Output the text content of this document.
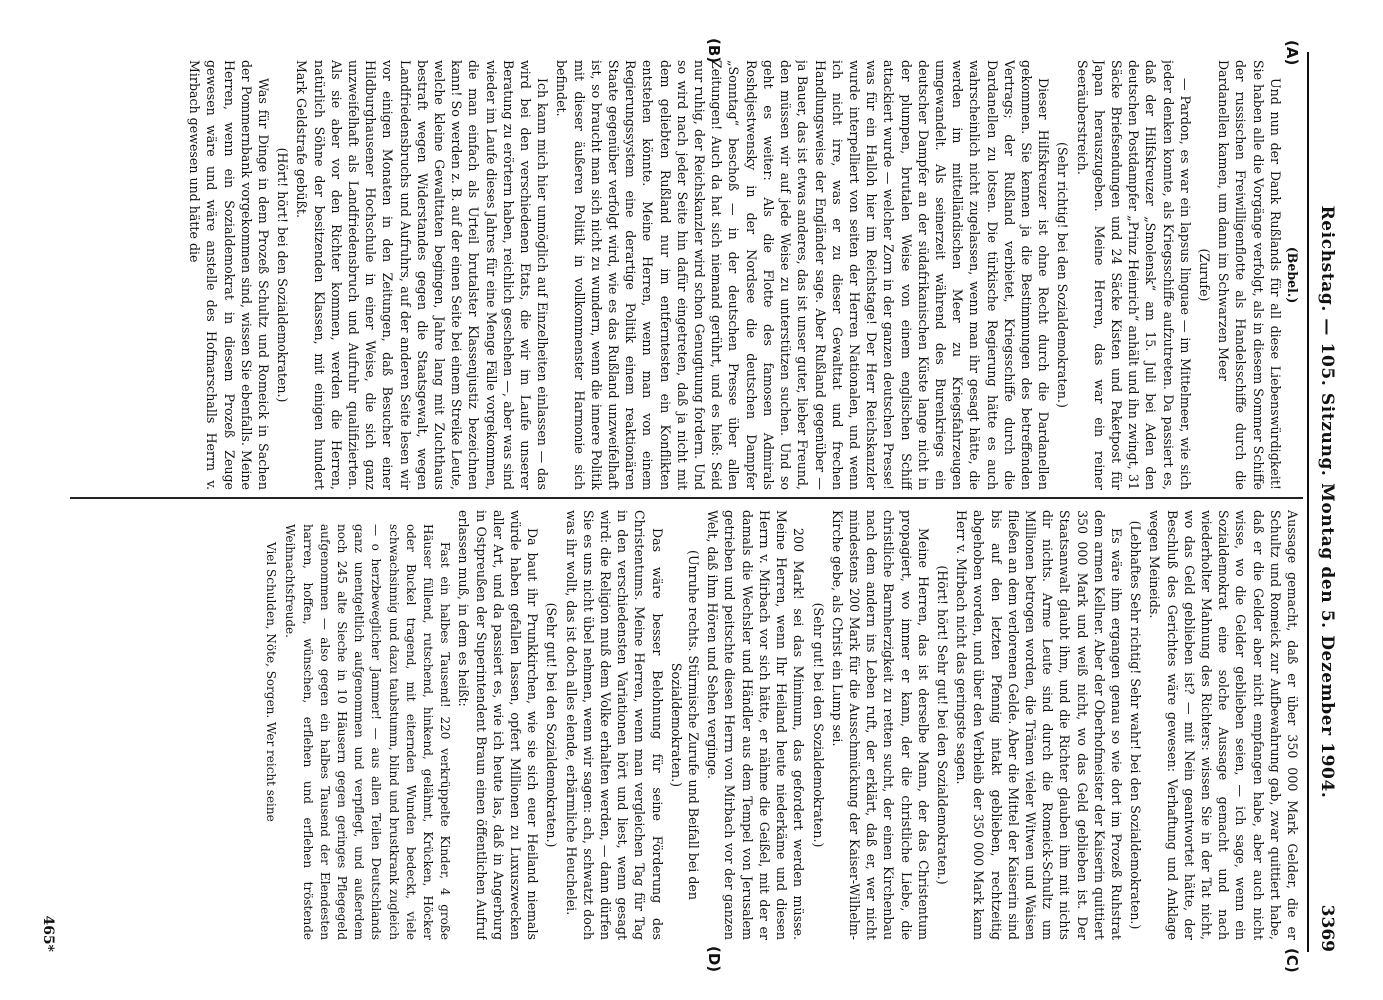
Reichstag. — 105. Sitzung. Montag den 5. Dezember 1904.
3369
(A)
(B)
(C)
(D)
(Bebel.)
Und nun der Dank Rußlands für all diese Liebenswürdigkeit! Sie haben alle die Vorgänge verfolgt, als in diesem Sommer Schiffe der russischen Freiwilligenflotte als Handelsschiffe durch die Dardanellen kamen, um dann im Schwarzen Meer
(Zurufe)
— Pardon, es war ein lapsus linguae — im Mittelmeer, wie sich jeder denken konnte, als Kriegsschiffe aufzutreten. Da passiert es, daß der Hilfskreuzer „Smolensk“ am 15. Juli bei Aden den deutschen Postdampfer „Prinz Heinrich“ anhält und ihn zwingt, 31 Säcke Briefsendungen und 24 Säcke Kisten und Paketpost für Japan herauszugeben. Meine Herren, das war ein reiner Seeräuberstreich.
(Sehr richtig! bei den Sozialdemokraten.)
Dieser Hilfskreuzer ist ohne Recht durch die Dardanellen gekommen. Sie kennen ja die Bestimmungen des betreffenden Vertrags; der Rußland verbietet, Kriegsschiffe durch die Dardanellen zu lotsen. Die türkische Regierung hätte es auch wahrscheinlich nicht zugelassen, wenn man ihr gesagt hätte, die werden im mittelländischen Meer zu Kriegsfahrzeugen umgewandelt. Als seinerzeit während des Burenkriegs ein deutscher Dampfer an der südafrikanischen Küste lange nicht in der plumpen, brutalen Weise von einem englischen Schiff attackiert wurde — welcher Zorn in der ganzen deutschen Presse! was für ein Halloh hier im Reichstage! Der Herr Reichskanzler wurde interpelliert von seiten der Herren Nationalen, und wenn ich nicht irre, was er zu dieser Gewalttat und frechen Handlungsweise der Engländer sage. Aber Rußland gegenüber — ja Bauer, das ist etwas anderes, das ist unser guter, lieber Freund, den müssen wir auf jede Weise zu unterstützen suchen. Und so geht es weiter: Als die Flotte des famosen Admirals Roshdjestwensky in der Nordsee die deutschen Dampfer „Sonntag“ beschoß — in der deutschen Presse über allen Zeitungen! Auch da hat sich niemand gerührt, und es hieß: Seid nur ruhig, der Reichskanzler wird schon Genugtuung fordern. Und so wird nach jeder Seite hin dafür eingetreten, daß ja nicht mit dem geliebten Rußland nur im entferntesten ein Konflikten entstehen könnte. Meine Herren, wenn man von einem Regierungssystem eine derartige Politik einem reaktionären Staate gegenüber verfolgt wird, wie es das Rußland unzweifelhaft ist, so braucht man sich nicht zu wundern, wenn die innere Politik mit dieser äußeren Politik in vollkommenster Harmonie sich befindet.
Ich kann mich hier unmöglich auf Einzelheiten einlassen — das wird bei den verschiedenen Etats, die wir im Laufe unserer Beratung zu erörtern haben, reichlich geschehen —, aber was sind wieder im Laufe dieses Jahres für eine Menge Fälle vorgekommen, die man einfach als Urteil brutalster Klassenjustiz bezeichnen kann! So werden z. B. auf der einen Seite bei einem Streike Leute, welche kleine Gewalttaten begingen, Jahre lang mit Zuchthaus bestraft wegen Widerstandes gegen die Staatsgewalt, wegen Landfriedensbruchs und Aufruhrs, auf der anderen Seite lesen wir vor einigen Monaten in den Zeitungen, daß Besucher einer Hildburghausener Hochschule in einer Weise, die sich ganz unzweifelhaft als Landfriedensbruch und Aufruhr qualifizierten. Als sie aber vor den Richter kommen, werden die Herren, natürlich Söhne der besitzenden Klassen, mit einigen hundert Mark Geldstrafe gebüßt.
(Hört! hört! bei den Sozialdemokraten.)
Was für Dinge in dem Prozeß Schultz und Romeick in Sachen der Pommernbank vorgekommen sind, wissen Sie ebenfalls. Meine Herren, wenn ein Sozialdemokrat in diesem Prozeß Zeuge gewesen wäre und wäre anstelle des Hofmarschalls Herrn v. Mirbach gewesen und hätte die
Aussage gemacht, daß er über 350 000 Mark Gelder, die er Schultz und Romeick zur Aufbewahrung gab, zwar quittiert habe, daß er die Gelder aber nicht empfangen habe, aber auch nicht wisse, wo die Gelder geblieben seien, — ich sage, wenn ein Sozialdemokrat eine solche Aussage gemacht und nach wiederholter Mahnung des Richters: wissen Sie in der Tat nicht, wo das Geld geblieben ist? — mit Nein geantwortet hätte, der Beschluß des Gerichtes wäre gewesen: Verhaftung und Anklage wegen Meineids.
(Lebhaftes Sehr richtig! Sehr wahr! bei den Sozialdemokraten.)
Es wäre ihm ergangen genau so wie dort im Prozeß Ruhstrat dem armen Kellner. Aber der Oberhofmeister der Kaiserin quittiert 350 000 Mark und weiß nicht, wo das Geld geblieben ist. Der Staatsanwalt glaubt ihm, und die Richter glauben ihm mit nichts dir nichts. Arme Leute sind durch die Romeick-Schultz um Millionen betrogen worden, die Tränen vieler Witwen und Waisen fließen an dem verlorenen Gelde. Aber die Mittel der Kaiserin sind bis auf den letzten Pfennig intakt geblieben, rechtzeitig abgehoben worden, und über den Verbleib der 350 000 Mark kann Herr v. Mirbach nicht das geringste sagen.
(Hört! hört! Sehr gut! bei den Sozialdemokraten.)
Meine Herren, das ist derselbe Mann, der das Christentum propagiert, wo immer er kann, der die christliche Liebe, die christliche Barmherzigkeit zu retten sucht, der einen Kirchenbau nach dem andern ins Leben ruft, der erklärt, daß er, wer nicht mindestens 200 Mark für die Ausschmückung der Kaiser-Wilhelm-Kirche gebe, als Christ ein Lump sei.
(Sehr gut! bei den Sozialdemokraten.)
200 Mark! sei das Minimum, das gefordert werden müsse. Meine Herren, wenn Ihr Heiland heute niederkäme und diesen Herrn v. Mirbach vor sich hätte, er nähme die Geißel, mit der er damals die Wechsler und Händler aus dem Tempel von Jerusalem getrieben und peitschte diesen Herrn von Mirbach vor der ganzen Welt, daß ihm Hören und Sehen verginge.
(Unruhe rechts. Stürmische Zurufe und Beifall bei den Sozialdemokraten.)
Das wäre besser Belohnung für seine Förderung des Christentums. Meine Herren, wenn man vergleichen Tag für Tag in den verschiedensten Variationen hört und liest, wenn gesagt wird: die Religion muß dem Volke erhalten werden, — dann dürfen Sie es uns nicht übel nehmen, wenn wir sagen: ach, schwatzt doch was ihr wollt, das ist doch alles elende, erbärmliche Heuchelei.
(Sehr gut! bei den Sozialdemokraten.)
Da baut ihr Prunkkirchen, wie sie sich euer Heiland niemals würde haben gefallen lassen, opfert Millionen zu Luxuszwecken aller Art, und da passiert es, wie ich heute las, daß in Angerburg in Ostpreußen der Superintendent Braun einen öffentlichen Aufruf erlassen muß, in dem es heißt:
Fast ein halbes Tausend! 220 verkrüppelte Kinder, 4 große Häuser füllend, rutschend, hinkend, gelähmt, Krücken, Höcker oder Buckel tragend, mit eiternden Wunden bedeckt, viele schwachsinnig und dazu taubstumm, blind und brustkrank zugleich — o herzbeweglicher Jammer! — aus allen Teilen Deutschlands ganz unentgeltlich aufgenommen und verpflegt, und außerdem noch 245 alte Sieche in 10 Häusern gegen geringes Pflegegeld aufgenommen — also gegen ein halbes Tausend der Elendesten harren, hoffen, wünschen, erflehen und erflehen tröstende Weihnachtsfreude.
Viel Schulden, Nöte, Sorgen. Wer reicht seine
465*
